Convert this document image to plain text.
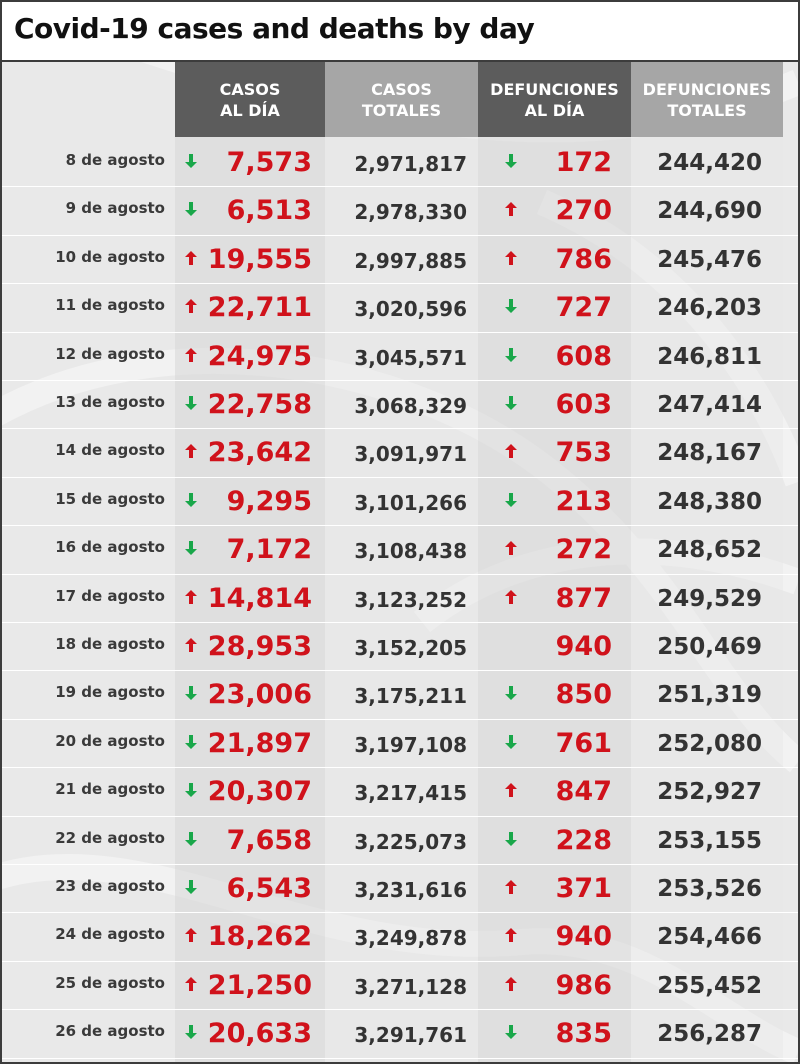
Covid-19 cases and deaths by day
CASOS
AL DÍA
CASOS
TOTALES
DEFUNCIONES
AL DÍA
DEFUNCIONES
TOTALES
8 de agosto	7,573	2,971,817	172	244,420
9 de agosto	6,513	2,978,330	270	244,690
10 de agosto	19,555	2,997,885	786	245,476
11 de agosto	22,711	3,020,596	727	246,203
12 de agosto	24,975	3,045,571	608	246,811
13 de agosto	22,758	3,068,329	603	247,414
14 de agosto	23,642	3,091,971	753	248,167
15 de agosto	9,295	3,101,266	213	248,380
16 de agosto	7,172	3,108,438	272	248,652
17 de agosto	14,814	3,123,252	877	249,529
18 de agosto	28,953	3,152,205	940	250,469
19 de agosto	23,006	3,175,211	850	251,319
20 de agosto	21,897	3,197,108	761	252,080
21 de agosto	20,307	3,217,415	847	252,927
22 de agosto	7,658	3,225,073	228	253,155
23 de agosto	6,543	3,231,616	371	253,526
24 de agosto	18,262	3,249,878	940	254,466
25 de agosto	21,250	3,271,128	986	255,452
26 de agosto	20,633	3,291,761	835	256,287
